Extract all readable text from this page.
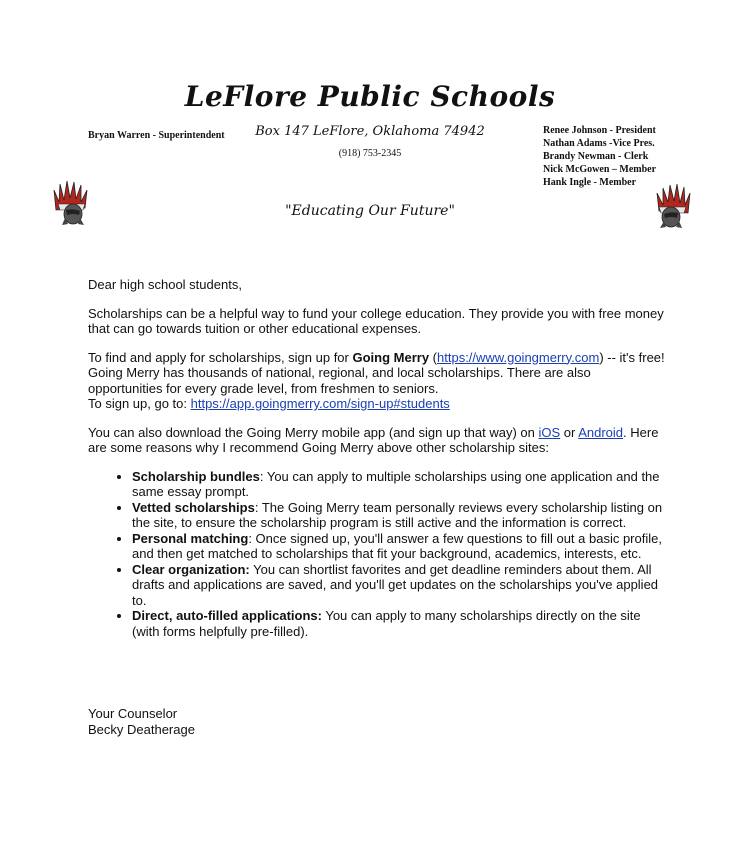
LeFlore Public Schools
Box 147 LeFlore, Oklahoma 74942
(918) 753-2345
"Educating Our Future"
Bryan Warren - Superintendent	Renee Johnson - President
Nathan Adams -Vice Pres.
Brandy Newman - Clerk
Nick McGowen – Member
Hank Ingle - Member

Dear high school students,

Scholarships can be a helpful way to fund your college education. They provide you with free money that can go towards tuition or other educational expenses.

To find and apply for scholarships, sign up for Going Merry (https://www.goingmerry.com) -- it's free! Going Merry has thousands of national, regional, and local scholarships. There are also opportunities for every grade level, from freshmen to seniors.
To sign up, go to: https://app.goingmerry.com/sign-up#students

You can also download the Going Merry mobile app (and sign up that way) on iOS or Android. Here are some reasons why I recommend Going Merry above other scholarship sites:

• Scholarship bundles: You can apply to multiple scholarships using one application and the same essay prompt.
• Vetted scholarships: The Going Merry team personally reviews every scholarship listing on the site, to ensure the scholarship program is still active and the information is correct.
• Personal matching: Once signed up, you'll answer a few questions to fill out a basic profile, and then get matched to scholarships that fit your background, academics, interests, etc.
• Clear organization: You can shortlist favorites and get deadline reminders about them. All drafts and applications are saved, and you'll get updates on the scholarships you've applied to.
• Direct, auto-filled applications: You can apply to many scholarships directly on the site (with forms helpfully pre-filled).
Your Counselor
Becky Deatherage
